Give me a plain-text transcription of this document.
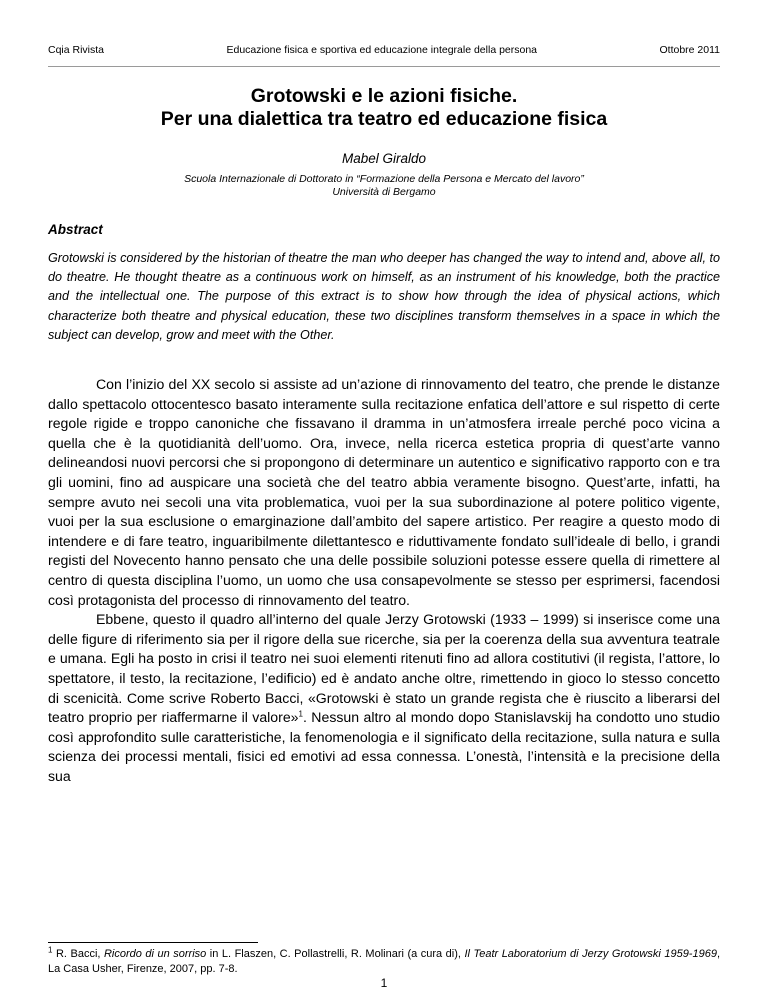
Cqia Rivista	Educazione fisica e sportiva ed educazione integrale della persona	Ottobre 2011
Grotowski e le azioni fisiche.
Per una dialettica tra teatro ed educazione fisica
Mabel Giraldo
Scuola Internazionale di Dottorato in “Formazione della Persona e Mercato del lavoro”
Università di Bergamo
Abstract
Grotowski is considered by the historian of theatre the man who deeper has changed the way to intend and, above all, to do theatre. He thought theatre as a continuous work on himself, as an instrument of his knowledge, both the practice and the intellectual one. The purpose of this extract is to show how through the idea of physical actions, which characterize both theatre and physical education, these two disciplines transform themselves in a space in which the subject can develop, grow and meet with the Other.

Con l’inizio del XX secolo si assiste ad un’azione di rinnovamento del teatro, che prende le distanze dallo spettacolo ottocentesco basato interamente sulla recitazione enfatica dell’attore e sul rispetto di certe regole rigide e troppo canoniche che fissavano il dramma in un’atmosfera irreale perché poco vicina a quella che è la quotidianità dell’uomo. Ora, invece, nella ricerca estetica propria di quest’arte vanno delineandosi nuovi percorsi che si propongono di determinare un autentico e significativo rapporto con e tra gli uomini, fino ad auspicare una società che del teatro abbia veramente bisogno. Quest’arte, infatti, ha sempre avuto nei secoli una vita problematica, vuoi per la sua subordinazione al potere politico vigente, vuoi per la sua esclusione o emarginazione dall’ambito del sapere artistico. Per reagire a questo modo di intendere e di fare teatro, inguaribilmente dilettantesco e riduttivamente fondato sull’ideale di bello, i grandi registi del Novecento hanno pensato che una delle possibile soluzioni potesse essere quella di rimettere al centro di questa disciplina l’uomo, un uomo che usa consapevolmente se stesso per esprimersi, facendosi così protagonista del processo di rinnovamento del teatro.

Ebbene, questo il quadro all’interno del quale Jerzy Grotowski (1933 – 1999) si inserisce come una delle figure di riferimento sia per il rigore della sue ricerche, sia per la coerenza della sua avventura teatrale e umana. Egli ha posto in crisi il teatro nei suoi elementi ritenuti fino ad allora costitutivi (il regista, l’attore, lo spettatore, il testo, la recitazione, l’edificio) ed è andato anche oltre, rimettendo in gioco lo stesso concetto di scenicità. Come scrive Roberto Bacci, «Grotowski è stato un grande regista che è riuscito a liberarsi del teatro proprio per riaffermarne il valore»$^1$. Nessun altro al mondo dopo Stanislavskij ha condotto uno studio così approfondito sulle caratteristiche, la fenomenologia e il significato della recitazione, sulla natura e sulla scienza dei processi mentali, fisici ed emotivi ad essa connessa. L’onestà, l’intensità e la precisione della sua

$^1$ R. Bacci, Ricordo di un sorriso in L. Flaszen, C. Pollastrelli, R. Molinari (a cura di), Il Teatr Laboratorium di Jerzy Grotowski 1959-1969, La Casa Usher, Firenze, 2007, pp. 7-8.
1
